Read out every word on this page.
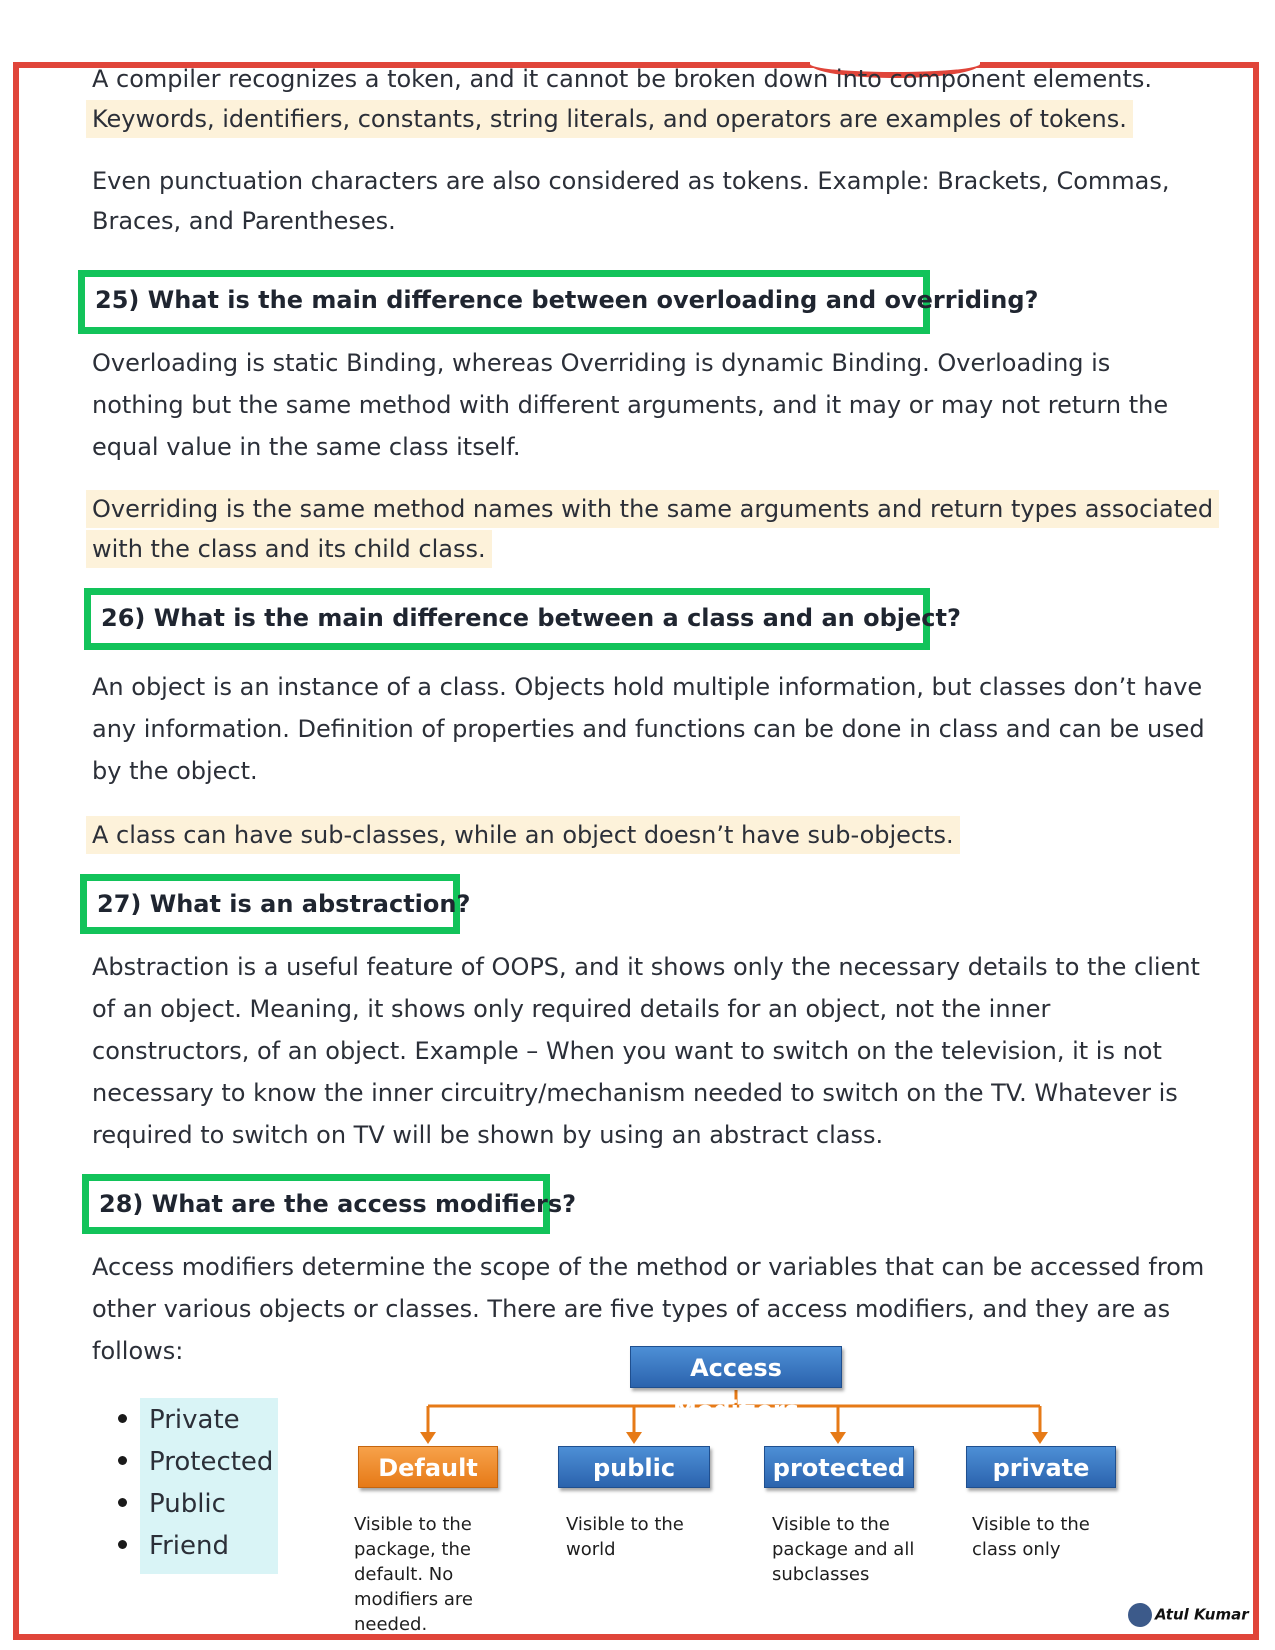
A compiler recognizes a token, and it cannot be broken down into component elements.

Keywords, identifiers, constants, string literals, and operators are examples of tokens.

Even punctuation characters are also considered as tokens. Example: Brackets, Commas,

Braces, and Parentheses.

25) What is the main difference between overloading and overriding?

Overloading is static Binding, whereas Overriding is dynamic Binding. Overloading is

nothing but the same method with different arguments, and it may or may not return the

equal value in the same class itself.

Overriding is the same method names with the same arguments and return types associated

with the class and its child class.

26) What is the main difference between a class and an object?

An object is an instance of a class. Objects hold multiple information, but classes don’t have

any information. Definition of properties and functions can be done in class and can be used

by the object.

A class can have sub-classes, while an object doesn’t have sub-objects.

27) What is an abstraction?

Abstraction is a useful feature of OOPS, and it shows only the necessary details to the client

of an object. Meaning, it shows only required details for an object, not the inner

constructors, of an object. Example – When you want to switch on the television, it is not

necessary to know the inner circuitry/mechanism needed to switch on the TV. Whatever is

required to switch on TV will be shown by using an abstract class.

28) What are the access modifiers?

Access modifiers determine the scope of the method or variables that can be accessed from

other various objects or classes. There are five types of access modifiers, and they are as

follows:

Private
Protected
Public
Friend
Access Modifiers
Default	public	protected	private
Visible to the
package, the
default. No
modifiers are
needed.
Visible to the
world
Visible to the
package and all
subclasses
Visible to the
class only
Atul Kumar
